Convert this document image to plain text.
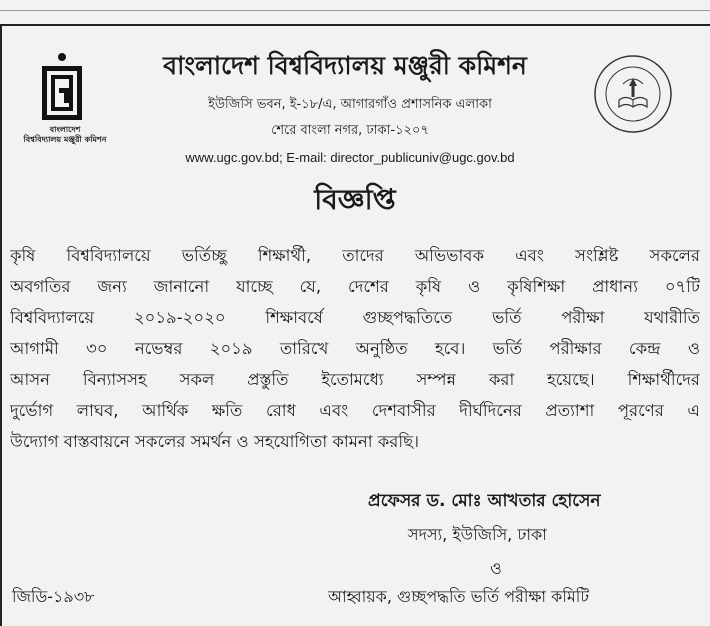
বাংলাদেশ
বিশ্ববিদ্যালয় মঞ্জুরী কমিশন
বাংলাদেশ বিশ্ববিদ্যালয় মঞ্জুরী কমিশন
ইউজিসি ভবন, ই-১৮/এ, আগারগাঁও প্রশাসনিক এলাকা
শেরে বাংলা নগর, ঢাকা-১২০৭
www.ugc.gov.bd; E-mail: director_publicuniv@ugc.gov.bd
বিজ্ঞপ্তি
কৃষি বিশ্ববিদ্যালয়ে ভর্তিচ্ছু শিক্ষার্থী, তাদের অভিভাবক এবং সংশ্লিষ্ট সকলের
অবগতির জন্য জানানো যাচ্ছে যে, দেশের কৃষি ও কৃষিশিক্ষা প্রাধান্য ০৭টি
বিশ্ববিদ্যালয়ে ২০১৯-২০২০ শিক্ষাবর্ষে গুচ্ছপদ্ধতিতে ভর্তি পরীক্ষা যথারীতি
আগামী ৩০ নভেম্বর ২০১৯ তারিখে অনুষ্ঠিত হবে। ভর্তি পরীক্ষার কেন্দ্র ও
আসন বিন্যাসসহ সকল প্রস্তুতি ইতোমধ্যে সম্পন্ন করা হয়েছে। শিক্ষার্থীদের
দুর্ভোগ লাঘব, আর্থিক ক্ষতি রোধ এবং দেশবাসীর দীর্ঘদিনের প্রত্যাশা পূরণের এ
উদ্যোগ বাস্তবায়নে সকলের সমর্থন ও সহযোগিতা কামনা করছি।
প্রফেসর ড. মোঃ আখতার হোসেন
সদস্য, ইউজিসি, ঢাকা
ও
আহ্বায়ক, গুচ্ছপদ্ধতি ভর্তি পরীক্ষা কমিটি
জিডি-১৯৩৮
